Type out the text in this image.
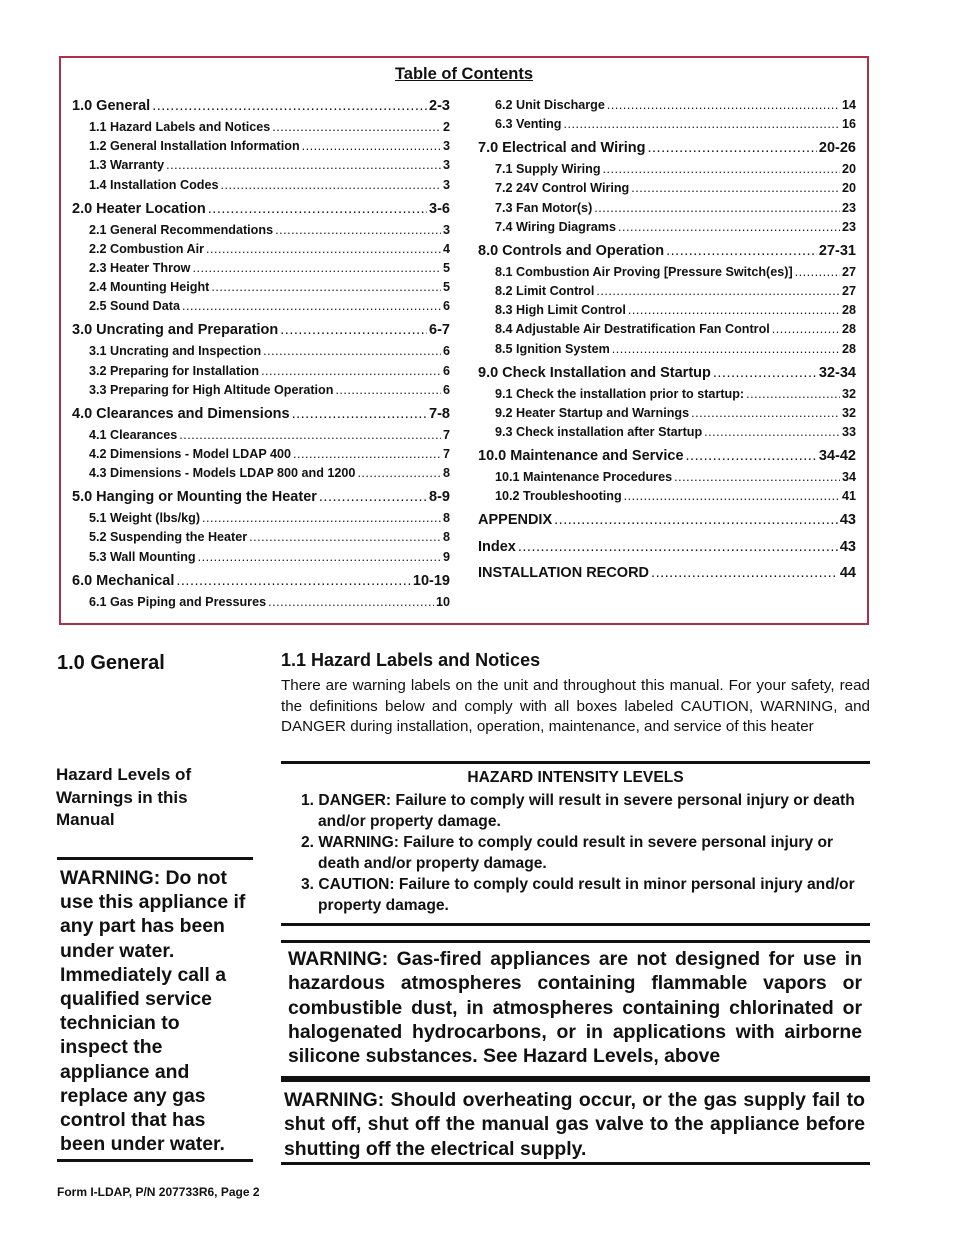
Table of Contents
1.0 General .....	2-3
1.1 Hazard Labels and Notices .....	2
1.2 General Installation Information .....	3
1.3 Warranty .....	3
1.4 Installation Codes .....	3
2.0 Heater Location .....	3-6
2.1 General Recommendations .....	3
2.2 Combustion Air .....	4
2.3 Heater Throw .....	5
2.4 Mounting Height .....	5
2.5 Sound Data .....	6
3.0 Uncrating and Preparation .....	6-7
3.1 Uncrating and Inspection .....	6
3.2 Preparing for Installation .....	6
3.3 Preparing for High Altitude Operation .....	6
4.0 Clearances and Dimensions .....	7-8
4.1 Clearances .....	7
4.2 Dimensions - Model LDAP 400 .....	7
4.3 Dimensions - Models LDAP 800 and 1200 .....	8
5.0 Hanging or Mounting the Heater .....	8-9
5.1 Weight (lbs/kg) .....	8
5.2 Suspending the Heater .....	8
5.3 Wall Mounting .....	9
6.0 Mechanical .....	10-19
6.1 Gas Piping and Pressures .....	10
6.2 Unit Discharge .....	14
6.3 Venting .....	16
7.0 Electrical and Wiring .....	20-26
7.1 Supply Wiring .....	20
7.2 24V Control Wiring .....	20
7.3 Fan Motor(s) .....	23
7.4 Wiring Diagrams .....	23
8.0 Controls and Operation .....	27-31
8.1 Combustion Air Proving [Pressure Switch(es)] .....	27
8.2 Limit Control .....	27
8.3 High Limit Control .....	28
8.4 Adjustable Air Destratification Fan Control .....	28
8.5 Ignition System .....	28
9.0 Check Installation and Startup .....	32-34
9.1 Check the installation prior to startup: .....	32
9.2 Heater Startup and Warnings .....	32
9.3 Check installation after Startup .....	33
10.0 Maintenance and Service .....	34-42
10.1 Maintenance Procedures .....	34
10.2 Troubleshooting .....	41
APPENDIX .....	43
Index .....	43
INSTALLATION RECORD .....	44
1.0 General	1.1 Hazard Labels and Notices
There are warning labels on the unit and throughout this manual. For your safety, read the definitions below and comply with all boxes labeled CAUTION, WARNING, and DANGER during installation, operation, maintenance, and service of this heater
Hazard Levels of Warnings in this Manual
WARNING: Do not use this appliance if any part has been under water. Immediately call a qualified service technician to inspect the appliance and replace any gas control that has been under water.
HAZARD INTENSITY LEVELS
1. DANGER: Failure to comply will result in severe personal injury or death and/or property damage.
2. WARNING: Failure to comply could result in severe personal injury or death and/or property damage.
3. CAUTION: Failure to comply could result in minor personal injury and/or property damage.
WARNING: Gas-fired appliances are not designed for use in hazardous atmospheres containing flammable vapors or combustible dust, in atmospheres containing chlorinated or halogenated hydrocarbons, or in applications with airborne silicone substances. See Hazard Levels, above
WARNING: Should overheating occur, or the gas supply fail to shut off, shut off the manual gas valve to the appliance before shutting off the electrical supply.
Form I-LDAP, P/N 207733R6, Page 2
